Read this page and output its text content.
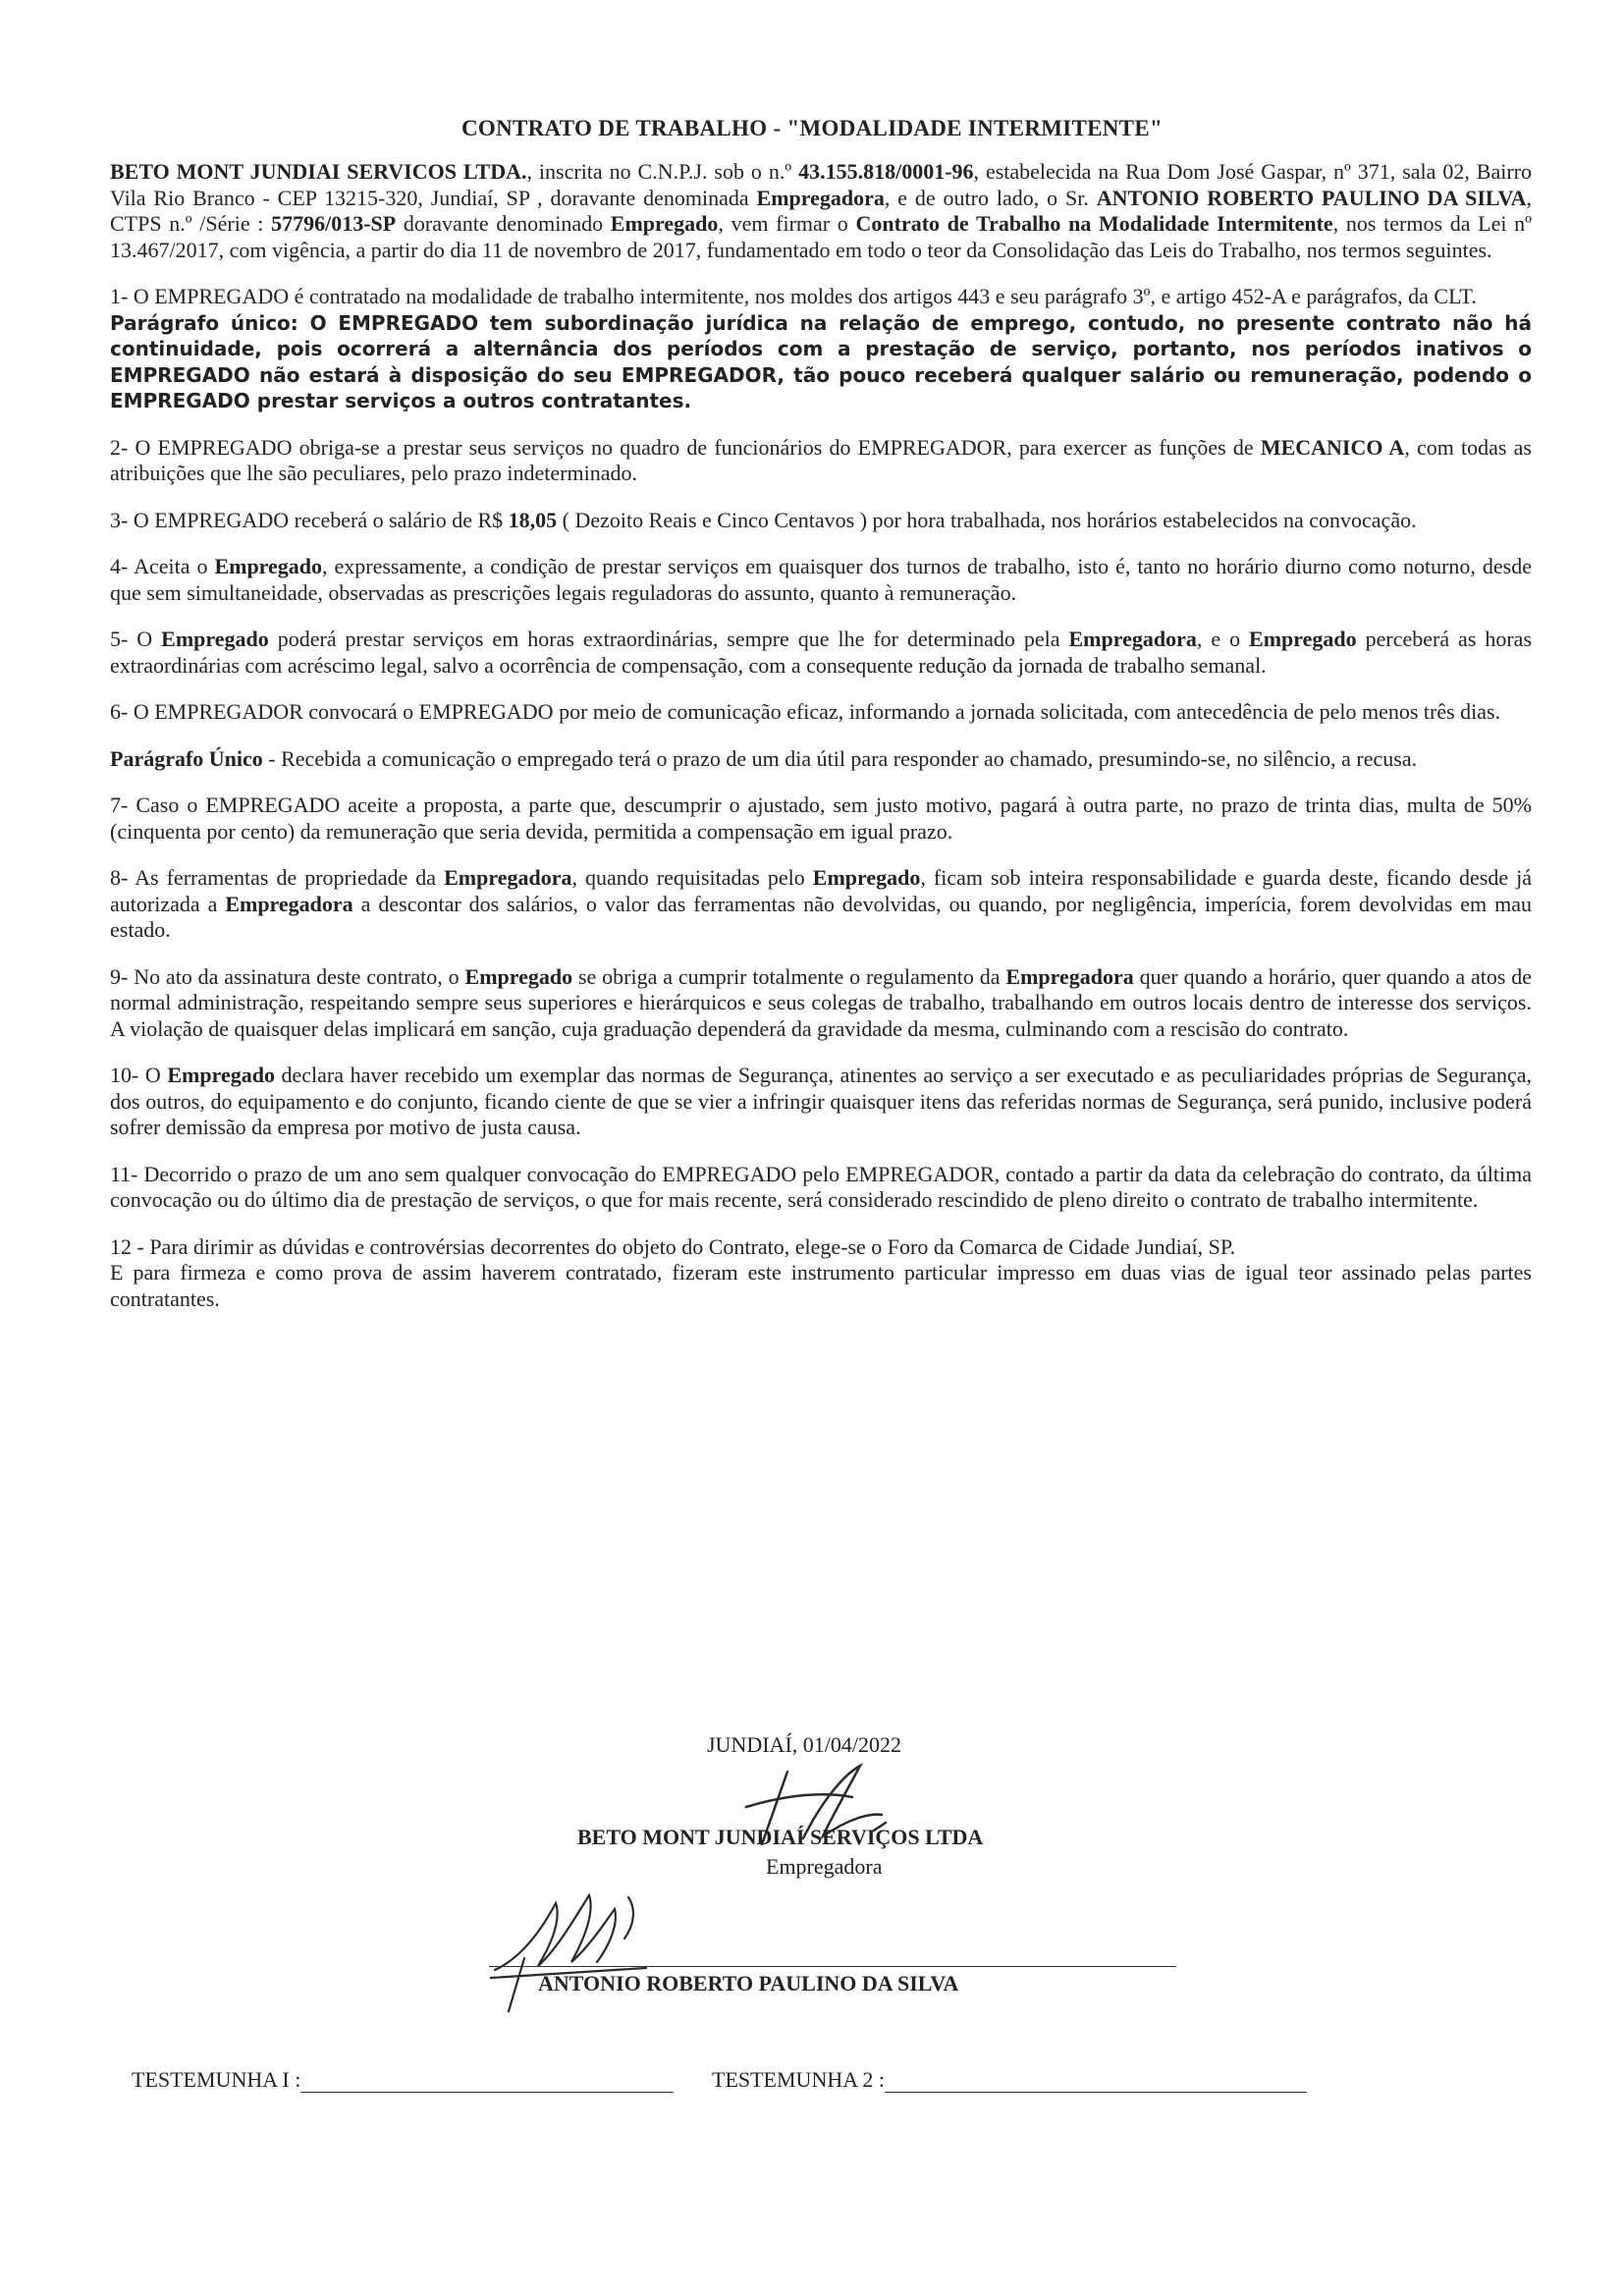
CONTRATO DE TRABALHO - "MODALIDADE INTERMITENTE"

BETO MONT JUNDIAI SERVICOS LTDA., inscrita no C.N.P.J. sob o n.º 43.155.818/0001-96, estabelecida na Rua Dom José Gaspar, nº 371, sala 02, Bairro Vila Rio Branco - CEP 13215-320, Jundiaí, SP , doravante denominada Empregadora, e de outro lado, o Sr. ANTONIO ROBERTO PAULINO DA SILVA, CTPS n.º /Série : 57796/013-SP doravante denominado Empregado, vem firmar o Contrato de Trabalho na Modalidade Intermitente, nos termos da Lei nº 13.467/2017, com vigência, a partir do dia 11 de novembro de 2017, fundamentado em todo o teor da Consolidação das Leis do Trabalho, nos termos seguintes.

1- O EMPREGADO é contratado na modalidade de trabalho intermitente, nos moldes dos artigos 443 e seu parágrafo 3º, e artigo 452-A e parágrafos, da CLT.

Parágrafo único: O EMPREGADO tem subordinação jurídica na relação de emprego, contudo, no presente contrato não há continuidade, pois ocorrerá a alternância dos períodos com a prestação de serviço, portanto, nos períodos inativos o EMPREGADO não estará à disposição do seu EMPREGADOR, tão pouco receberá qualquer salário ou remuneração, podendo o EMPREGADO prestar serviços a outros contratantes.

2- O EMPREGADO obriga-se a prestar seus serviços no quadro de funcionários do EMPREGADOR, para exercer as funções de MECANICO A, com todas as atribuições que lhe são peculiares, pelo prazo indeterminado.

3- O EMPREGADO receberá o salário de R$ 18,05 ( Dezoito Reais e Cinco Centavos ) por hora trabalhada, nos horários estabelecidos na convocação.

4- Aceita o Empregado, expressamente, a condição de prestar serviços em quaisquer dos turnos de trabalho, isto é, tanto no horário diurno como noturno, desde que sem simultaneidade, observadas as prescrições legais reguladoras do assunto, quanto à remuneração.

5- O Empregado poderá prestar serviços em horas extraordinárias, sempre que lhe for determinado pela Empregadora, e o Empregado perceberá as horas extraordinárias com acréscimo legal, salvo a ocorrência de compensação, com a consequente redução da jornada de trabalho semanal.

6- O EMPREGADOR convocará o EMPREGADO por meio de comunicação eficaz, informando a jornada solicitada, com antecedência de pelo menos três dias.

Parágrafo Único - Recebida a comunicação o empregado terá o prazo de um dia útil para responder ao chamado, presumindo-se, no silêncio, a recusa.

7- Caso o EMPREGADO aceite a proposta, a parte que, descumprir o ajustado, sem justo motivo, pagará à outra parte, no prazo de trinta dias, multa de 50% (cinquenta por cento) da remuneração que seria devida, permitida a compensação em igual prazo.

8- As ferramentas de propriedade da Empregadora, quando requisitadas pelo Empregado, ficam sob inteira responsabilidade e guarda deste, ficando desde já autorizada a Empregadora a descontar dos salários, o valor das ferramentas não devolvidas, ou quando, por negligência, imperícia, forem devolvidas em mau estado.

9- No ato da assinatura deste contrato, o Empregado se obriga a cumprir totalmente o regulamento da Empregadora quer quando a horário, quer quando a atos de normal administração, respeitando sempre seus superiores e hierárquicos e seus colegas de trabalho, trabalhando em outros locais dentro de interesse dos serviços. A violação de quaisquer delas implicará em sanção, cuja graduação dependerá da gravidade da mesma, culminando com a rescisão do contrato.

10- O Empregado declara haver recebido um exemplar das normas de Segurança, atinentes ao serviço a ser executado e as peculiaridades próprias de Segurança, dos outros, do equipamento e do conjunto, ficando ciente de que se vier a infringir quaisquer itens das referidas normas de Segurança, será punido, inclusive poderá sofrer demissão da empresa por motivo de justa causa.

11- Decorrido o prazo de um ano sem qualquer convocação do EMPREGADO pelo EMPREGADOR, contado a partir da data da celebração do contrato, da última convocação ou do último dia de prestação de serviços, o que for mais recente, será considerado rescindido de pleno direito o contrato de trabalho intermitente.

12 - Para dirimir as dúvidas e controvérsias decorrentes do objeto do Contrato, elege-se o Foro da Comarca de Cidade Jundiaí, SP.

E para firmeza e como prova de assim haverem contratado, fizeram este instrumento particular impresso em duas vias de igual teor assinado pelas partes contratantes.

JUNDIAÍ, 01/04/2022
BETO MONT JUNDIAÍ SERVIÇOS LTDA
Empregadora
ANTONIO ROBERTO PAULINO DA SILVA
TESTEMUNHA I :	TESTEMUNHA 2 :
